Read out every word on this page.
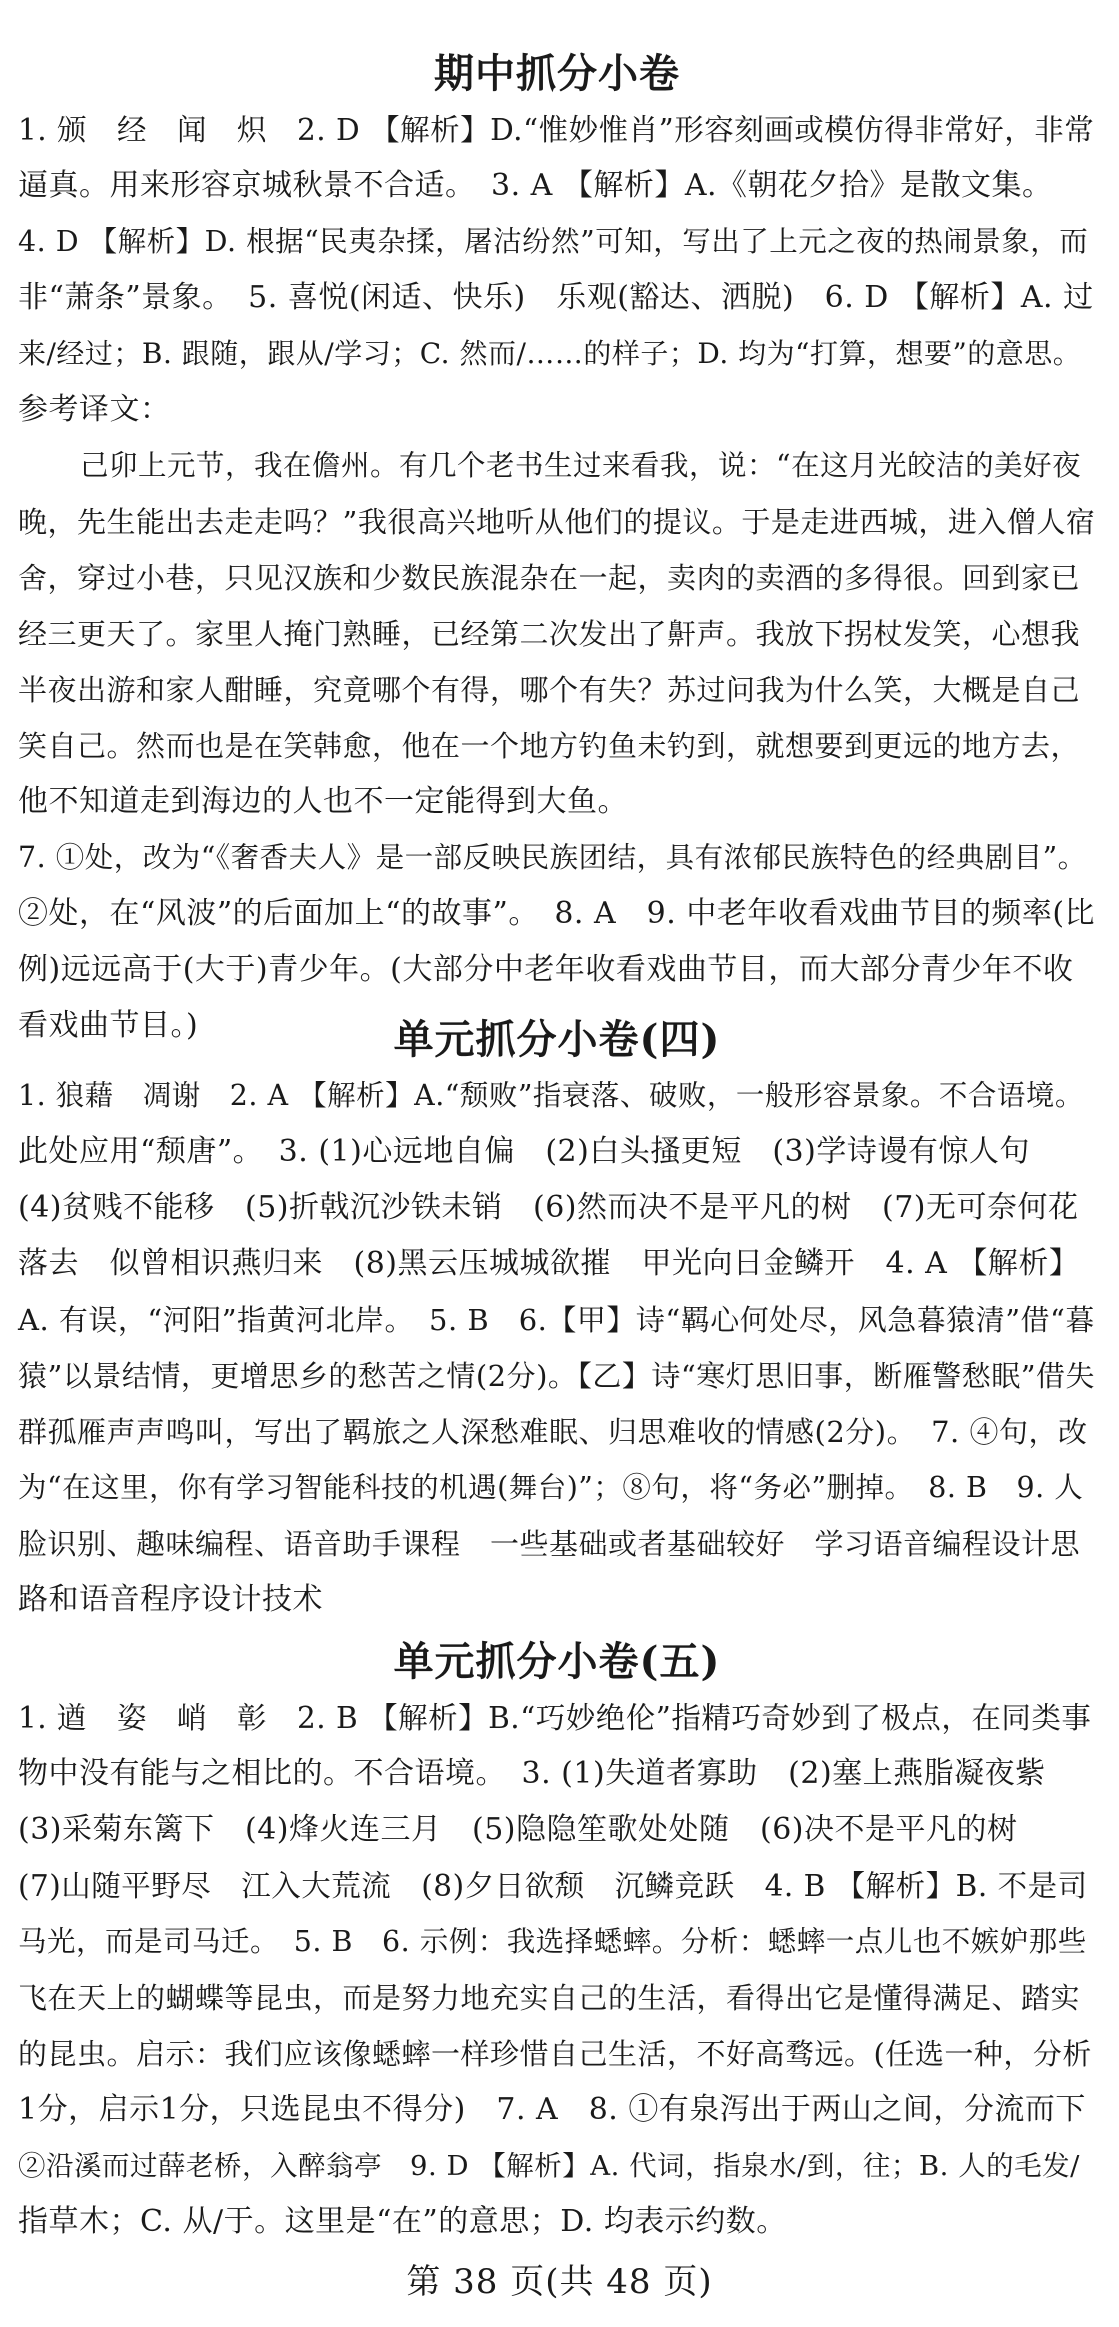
期中抓分小卷
1. 颁　经　闻　炽　2. D 【解析】D.“惟妙惟肖”形容刻画或模仿得非常好，非常
逼真。用来形容京城秋景不合适。　3. A 【解析】A.《朝花夕拾》是散文集。
4. D 【解析】D. 根据“民夷杂揉，屠沽纷然”可知，写出了上元之夜的热闹景象，而
非“萧条”景象。　5. 喜悦(闲适、快乐)　乐观(豁达、洒脱)　6. D 【解析】A. 过
来/经过；B. 跟随，跟从/学习；C. 然而/……的样子；D. 均为“打算，想要”的意思。
参考译文：
己卯上元节，我在儋州。有几个老书生过来看我，说：“在这月光皎洁的美好夜
晚，先生能出去走走吗？”我很高兴地听从他们的提议。于是走进西城，进入僧人宿
舍，穿过小巷，只见汉族和少数民族混杂在一起，卖肉的卖酒的多得很。回到家已
经三更天了。家里人掩门熟睡，已经第二次发出了鼾声。我放下拐杖发笑，心想我
半夜出游和家人酣睡，究竟哪个有得，哪个有失？苏过问我为什么笑，大概是自己
笑自己。然而也是在笑韩愈，他在一个地方钓鱼未钓到，就想要到更远的地方去，
他不知道走到海边的人也不一定能得到大鱼。
7. ①处，改为“《奢香夫人》是一部反映民族团结，具有浓郁民族特色的经典剧目”。
②处，在“风波”的后面加上“的故事”。　8. A　9. 中老年收看戏曲节目的频率(比
例)远远高于(大于)青少年。(大部分中老年收看戏曲节目，而大部分青少年不收
看戏曲节目。)	单元抓分小卷(四)
1. 狼藉　凋谢　2. A 【解析】A.“颓败”指衰落、破败，一般形容景象。不合语境。
此处应用“颓唐”。　3. (1)心远地自偏　(2)白头搔更短　(3)学诗谩有惊人句
(4)贫贱不能移　(5)折戟沉沙铁未销　(6)然而决不是平凡的树　(7)无可奈何花
落去　似曾相识燕归来　(8)黑云压城城欲摧　甲光向日金鳞开　4. A 【解析】
A. 有误，“河阳”指黄河北岸。　5. B　6.【甲】诗“羁心何处尽，风急暮猿清”借“暮
猿”以景结情，更增思乡的愁苦之情(2分)。【乙】诗“寒灯思旧事，断雁警愁眠”借失
群孤雁声声鸣叫，写出了羁旅之人深愁难眠、归思难收的情感(2分)。　7. ④句，改
为“在这里，你有学习智能科技的机遇(舞台)”；⑧句，将“务必”删掉。　8. B　9. 人
脸识别、趣味编程、语音助手课程　一些基础或者基础较好　学习语音编程设计思
路和语音程序设计技术
单元抓分小卷(五)
1. 遒　姿　峭　彰　2. B 【解析】B.“巧妙绝伦”指精巧奇妙到了极点，在同类事
物中没有能与之相比的。不合语境。　3. (1)失道者寡助　(2)塞上燕脂凝夜紫
(3)采菊东篱下　(4)烽火连三月　(5)隐隐笙歌处处随　(6)决不是平凡的树
(7)山随平野尽　江入大荒流　(8)夕日欲颓　沉鳞竞跃　4. B 【解析】B. 不是司
马光，而是司马迁。　5. B　6. 示例：我选择蟋蟀。分析：蟋蟀一点儿也不嫉妒那些
飞在天上的蝴蝶等昆虫，而是努力地充实自己的生活，看得出它是懂得满足、踏实
的昆虫。启示：我们应该像蟋蟀一样珍惜自己生活，不好高骛远。(任选一种，分析
1分，启示1分，只选昆虫不得分)　7. A　8. ①有泉泻出于两山之间，分流而下
②沿溪而过薛老桥，入醉翁亭　9. D 【解析】A. 代词，指泉水/到，往；B. 人的毛发/
指草木；C. 从/于。这里是“在”的意思；D. 均表示约数。
第 38 页(共 48 页)
